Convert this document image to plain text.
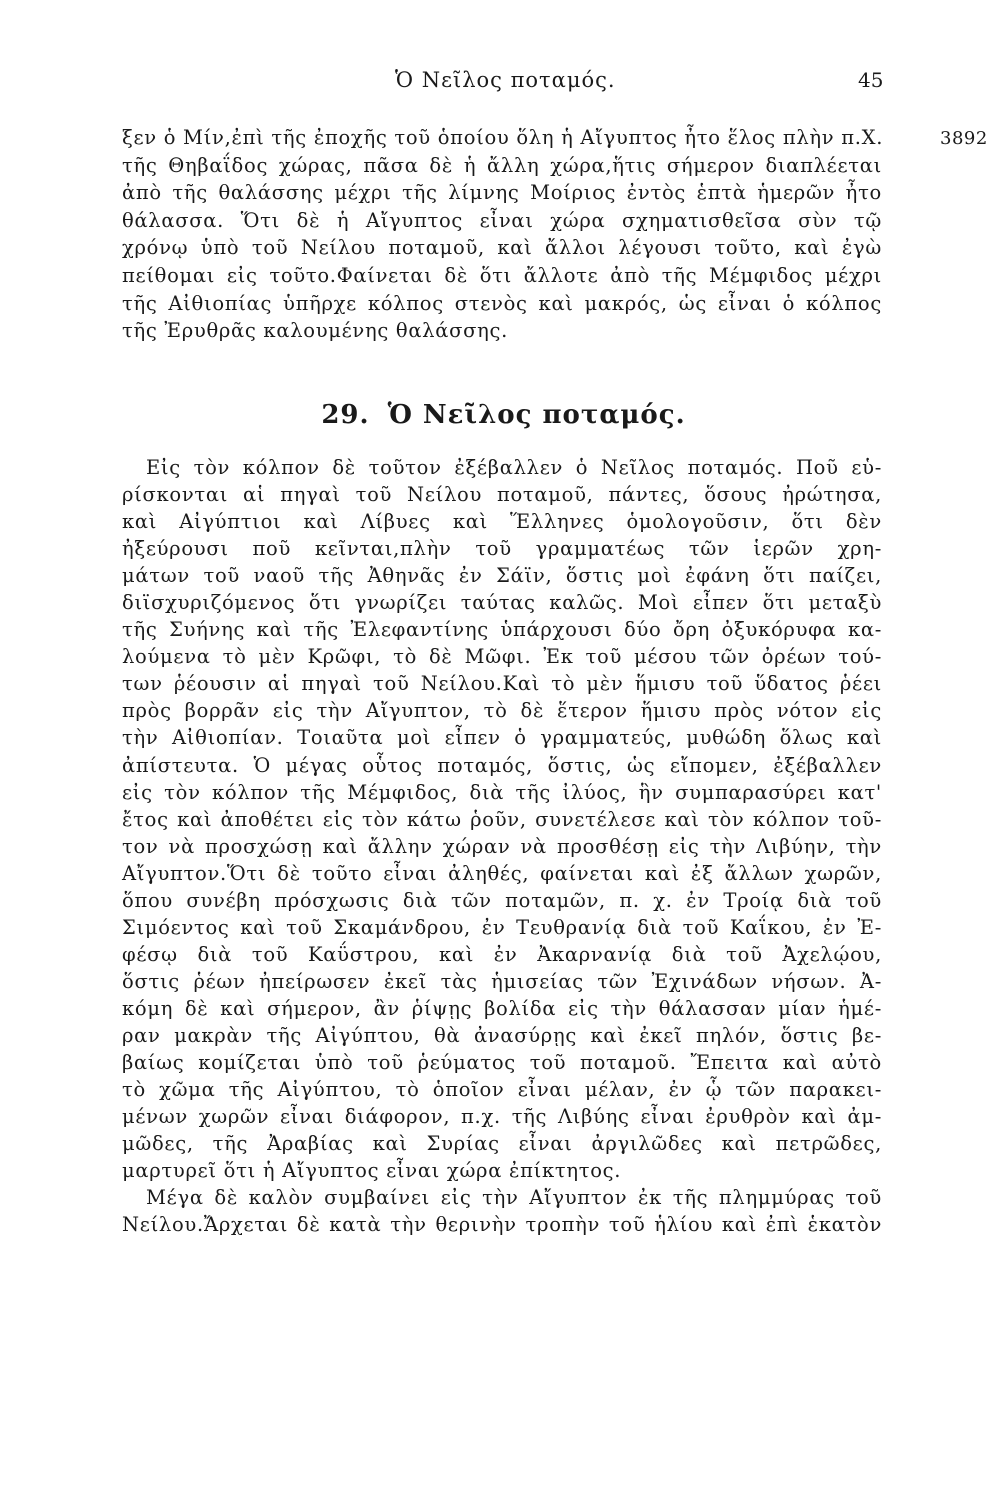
Ὁ Νεῖλος ποταμός.	45
3892
ξεν ὁ Μίν,ἐπὶ τῆς ἐποχῆς τοῦ ὁποίου ὅλη ἡ Αἴγυπτος ἦτο ἕλος πλὴν π.Χ.
τῆς Θηβαΐδος χώρας, πᾶσα δὲ ἡ ἄλλη χώρα,ἥτις σήμερον διαπλέεται
ἀπὸ τῆς θαλάσσης μέχρι τῆς λίμνης Μοίριος ἐντὸς ἑπτὰ ἡμερῶν ἦτο
θάλασσα. Ὅτι δὲ ἡ Αἴγυπτος εἶναι χώρα σχηματισθεῖσα σὺν τῷ
χρόνῳ ὑπὸ τοῦ Νείλου ποταμοῦ, καὶ ἄλλοι λέγουσι τοῦτο, καὶ ἐγὼ
πείθομαι εἰς τοῦτο.Φαίνεται δὲ ὅτι ἄλλοτε ἀπὸ τῆς Μέμφιδος μέχρι
τῆς Αἰθιοπίας ὑπῆρχε κόλπος στενὸς καὶ μακρός, ὡς εἶναι ὁ κόλπος
τῆς Ἐρυθρᾶς καλουμένης θαλάσσης.
29. Ὁ Νεῖλος ποταμός.
Εἰς τὸν κόλπον δὲ τοῦτον ἐξέβαλλεν ὁ Νεῖλος ποταμός. Ποῦ εὑ-
ρίσκονται αἱ πηγαὶ τοῦ Νείλου ποταμοῦ, πάντες, ὅσους ἠρώτησα,
καὶ Αἰγύπτιοι καὶ Λίβυες καὶ Ἕλληνες ὁμολογοῦσιν, ὅτι δὲν
ἠξεύρουσι ποῦ κεῖνται,πλὴν τοῦ γραμματέως τῶν ἱερῶν χρη-
μάτων τοῦ ναοῦ τῆς Ἀθηνᾶς ἐν Σάϊν, ὅστις μοὶ ἐφάνη ὅτι παίζει,
διϊσχυριζόμενος ὅτι γνωρίζει ταύτας καλῶς. Μοὶ εἶπεν ὅτι μεταξὺ
τῆς Συήνης καὶ τῆς Ἐλεφαντίνης ὑπάρχουσι δύο ὄρη ὀξυκόρυφα κα-
λούμενα τὸ μὲν Κρῶφι, τὸ δὲ Μῶφι. Ἐκ τοῦ μέσου τῶν ὀρέων τού-
των ῥέουσιν αἱ πηγαὶ τοῦ Νείλου.Καὶ τὸ μὲν ἥμισυ τοῦ ὕδατος ῥέει
πρὸς βορρᾶν εἰς τὴν Αἴγυπτον, τὸ δὲ ἕτερον ἥμισυ πρὸς νότον εἰς
τὴν Αἰθιοπίαν. Τοιαῦτα μοὶ εἶπεν ὁ γραμματεύς, μυθώδη ὅλως καὶ
ἀπίστευτα. Ὁ μέγας οὗτος ποταμός, ὅστις, ὡς εἴπομεν, ἐξέβαλλεν
εἰς τὸν κόλπον τῆς Μέμφιδος, διὰ τῆς ἰλύος, ἣν συμπαρασύρει κατ'
ἔτος καὶ ἀποθέτει εἰς τὸν κάτω ῥοῦν, συνετέλεσε καὶ τὸν κόλπον τοῦ-
τον νὰ προσχώσῃ καὶ ἄλλην χώραν νὰ προσθέσῃ εἰς τὴν Λιβύην, τὴν
Αἴγυπτον.Ὅτι δὲ τοῦτο εἶναι ἀληθές, φαίνεται καὶ ἐξ ἄλλων χωρῶν,
ὅπου συνέβη πρόσχωσις διὰ τῶν ποταμῶν, π. χ. ἐν Τροίᾳ διὰ τοῦ
Σιμόεντος καὶ τοῦ Σκαμάνδρου, ἐν Τευθρανίᾳ διὰ τοῦ Καΐκου, ἐν Ἐ-
φέσῳ διὰ τοῦ Καΰστρου, καὶ ἐν Ἀκαρνανίᾳ διὰ τοῦ Ἀχελῴου,
ὅστις ῥέων ἠπείρωσεν ἐκεῖ τὰς ἡμισείας τῶν Ἐχινάδων νήσων. Ἀ-
κόμη δὲ καὶ σήμερον, ἂν ῥίψῃς βολίδα εἰς τὴν θάλασσαν μίαν ἡμέ-
ραν μακρὰν τῆς Αἰγύπτου, θὰ ἀνασύρῃς καὶ ἐκεῖ πηλόν, ὅστις βε-
βαίως κομίζεται ὑπὸ τοῦ ῥεύματος τοῦ ποταμοῦ. Ἔπειτα καὶ αὐτὸ
τὸ χῶμα τῆς Αἰγύπτου, τὸ ὁποῖον εἶναι μέλαν, ἐν ᾧ τῶν παρακει-
μένων χωρῶν εἶναι διάφορον, π.χ. τῆς Λιβύης εἶναι ἐρυθρὸν καὶ ἀμ-
μῶδες, τῆς Ἀραβίας καὶ Συρίας εἶναι ἀργιλῶδες καὶ πετρῶδες,
μαρτυρεῖ ὅτι ἡ Αἴγυπτος εἶναι χώρα ἐπίκτητος.
Μέγα δὲ καλὸν συμβαίνει εἰς τὴν Αἴγυπτον ἐκ τῆς πλημμύρας τοῦ
Νείλου.Ἄρχεται δὲ κατὰ τὴν θερινὴν τροπὴν τοῦ ἡλίου καὶ ἐπὶ ἑκατὸν
